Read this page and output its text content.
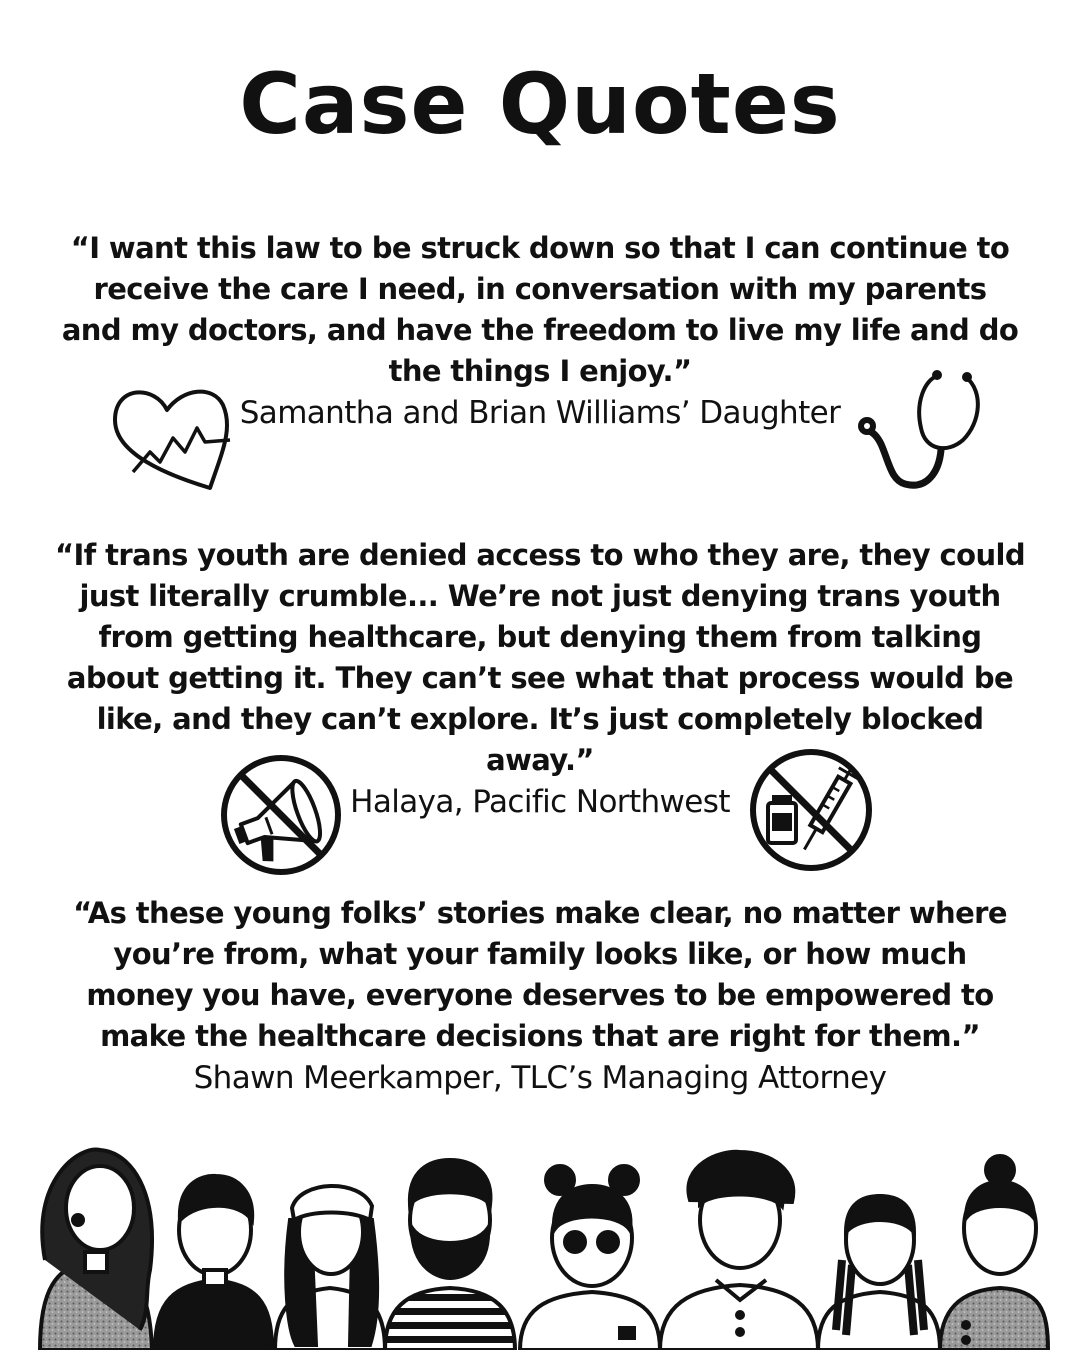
Case Quotes

“I want this law to be struck down so that I can continue to receive the care I need, in conversation with my parents and my doctors, and have the freedom to live my life and do the things I enjoy.”

Samantha and Brian Williams’ Daughter

“If trans youth are denied access to who they are, they could just literally crumble... We’re not just denying trans youth from getting healthcare, but denying them from talking about getting it. They can’t see what that process would be like, and they can’t explore. It’s just completely blocked away.”

Halaya, Pacific Northwest

“As these young folks’ stories make clear, no matter where you’re from, what your family looks like, or how much money you have, everyone deserves to be empowered to make the healthcare decisions that are right for them.”

Shawn Meerkamper, TLC’s Managing Attorney
